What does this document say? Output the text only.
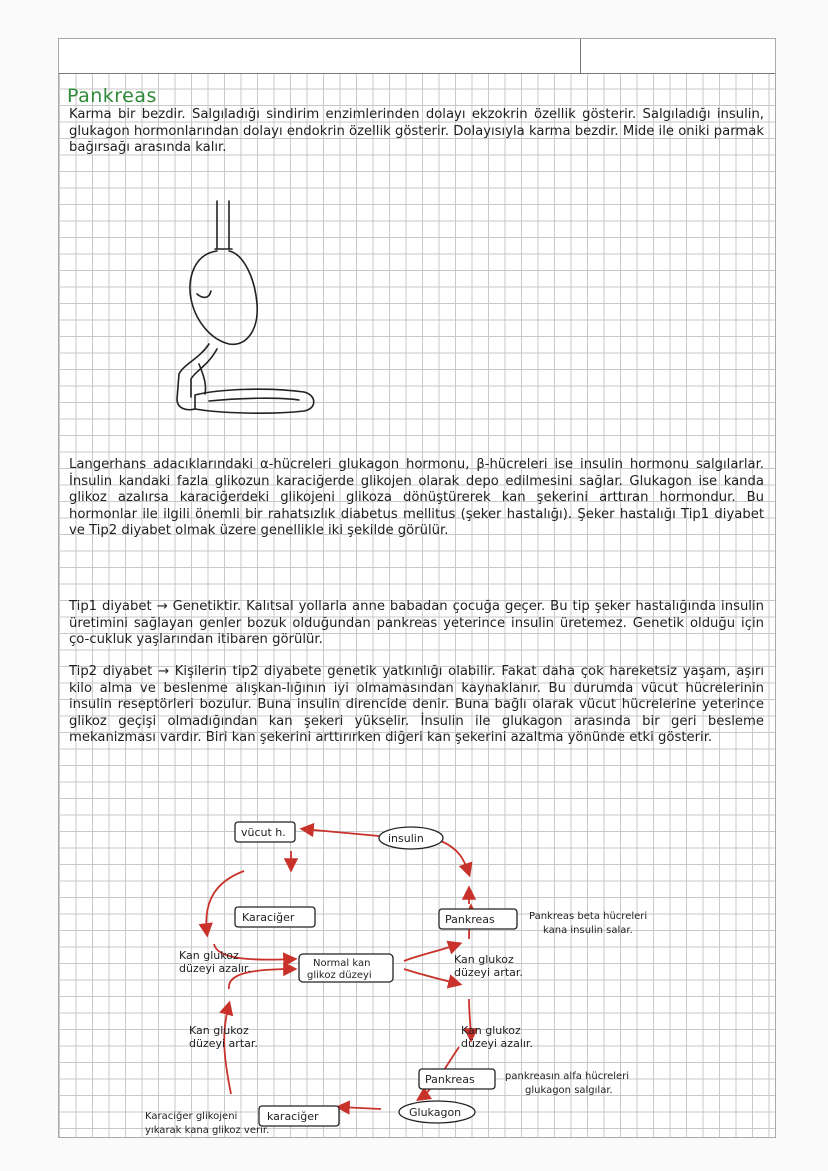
Pankreas

Karma bir bezdir. Salgıladığı sindirim enzimlerinden dolayı ekzokrin özellik gösterir. Salgıladığı insulin, glukagon hormonlarından dolayı endokrin özellik gösterir. Dolayısıyla karma bezdir. Mide ile oniki parmak bağırsağı arasında kalır.

Langerhans adacıklarındaki α-hücreleri glukagon hormonu, β-hücreleri ise insulin hormonu salgılarlar. İnsulin kandaki fazla glikozun karaciğerde glikojen olarak depo edilmesini sağlar. Glukagon ise kanda glikoz azalırsa karaciğerdeki glikojeni glikoza dönüştürerek kan şekerini arttıran hormondur. Bu hormonlar ile ilgili önemli bir rahatsızlık diabetus mellitus (şeker hastalığı). Şeker hastalığı Tip1 diyabet ve Tip2 diyabet olmak üzere genellikle iki şekilde görülür.

Tip1 diyabet → Genetiktir. Kalıtsal yollarla anne babadan çocuğa geçer. Bu tip şeker hastalığında insulin üretimini sağlayan genler bozuk olduğundan pankreas yeterince insulin üretemez. Genetik olduğu için ço-cukluk yaşlarından itibaren görülür.

Tip2 diyabet → Kişilerin tip2 diyabete genetik yatkınlığı olabilir. Fakat daha çok hareketsiz yaşam, aşırı kilo alma ve beslenme alışkan-lığının iyi olmamasından kaynaklanır. Bu durumda vücut hücrelerinin insulin reseptörleri bozulur. Buna insulin direncide denir. Buna bağlı olarak vücut hücrelerine yeterince glikoz geçişi olmadığından kan şekeri yükselir. İnsulin ile glukagon arasında bir geri besleme mekanizması vardır. Biri kan şekerini arttırırken diğeri kan şekerini azaltma yönünde etki gösterir.

vücut h.	insulin
Karaciğer	Pankreas	Pankreas beta hücreleri
kana insulin salar.
Kan glukoz
düzeyi azalır.
Kan glukoz
düzeyi artar.
Normal kan
glikoz düzeyi
Kan glukoz
düzeyi artar.
Kan glukoz
düzeyi azalır.
Pankreas	pankreasın alfa hücreleri
glukagon salgılar.
karaciğer
Karaciğer glikojeni
yıkarak kana glikoz verir.
Glukagon
